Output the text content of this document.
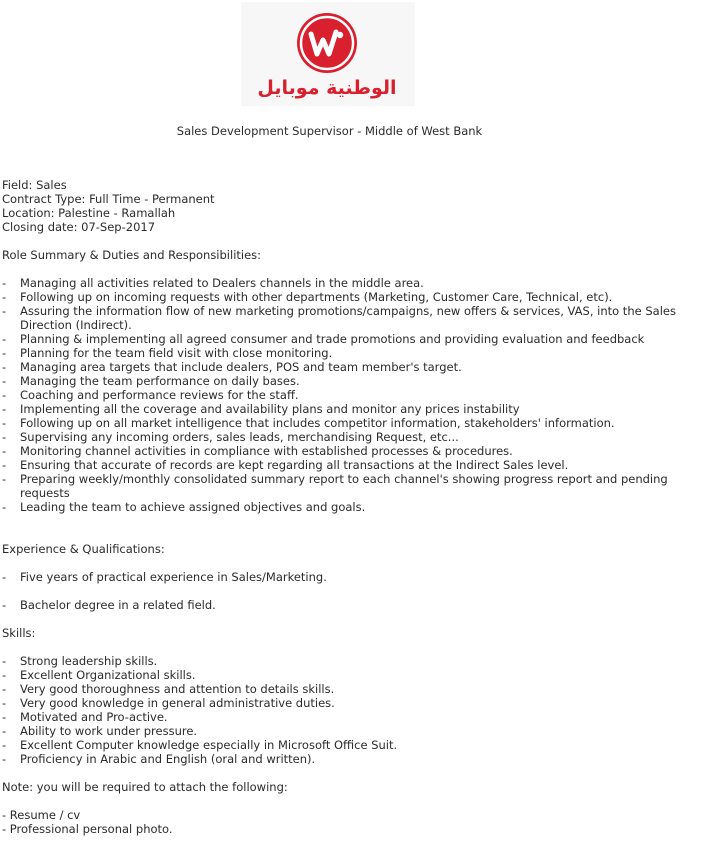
الوطنية موبايل
Sales Development Supervisor - Middle of West Bank
Field: Sales
Contract Type: Full Time - Permanent
Location: Palestine - Ramallah
Closing date: 07-Sep-2017
Role Summary & Duties and Responsibilities:
-	Managing all activities related to Dealers channels in the middle area.
-	Following up on incoming requests with other departments (Marketing, Customer Care, Technical, etc).
-	Assuring the information flow of new marketing promotions/campaigns, new offers & services, VAS, into the Sales Direction (Indirect).
-	Planning & implementing all agreed consumer and trade promotions and providing evaluation and feedback
-	Planning for the team field visit with close monitoring.
-	Managing area targets that include dealers, POS and team member's target.
-	Managing the team performance on daily bases.
-	Coaching and performance reviews for the staff.
-	Implementing all the coverage and availability plans and monitor any prices instability
-	Following up on all market intelligence that includes competitor information, stakeholders' information.
-	Supervising any incoming orders, sales leads, merchandising Request, etc...
-	Monitoring channel activities in compliance with established processes & procedures.
-	Ensuring that accurate of records are kept regarding all transactions at the Indirect Sales level.
-	Preparing weekly/monthly consolidated summary report to each channel's showing progress report and pending requests
-	Leading the team to achieve assigned objectives and goals.
Experience & Qualifications:
-	Five years of practical experience in Sales/Marketing.
-	Bachelor degree in a related field.
Skills:
-	Strong leadership skills.
-	Excellent Organizational skills.
-	Very good thoroughness and attention to details skills.
-	Very good knowledge in general administrative duties.
-	Motivated and Pro-active.
-	Ability to work under pressure.
-	Excellent Computer knowledge especially in Microsoft Office Suit.
-	Proficiency in Arabic and English (oral and written).
Note: you will be required to attach the following:
- Resume / cv
- Professional personal photo.
